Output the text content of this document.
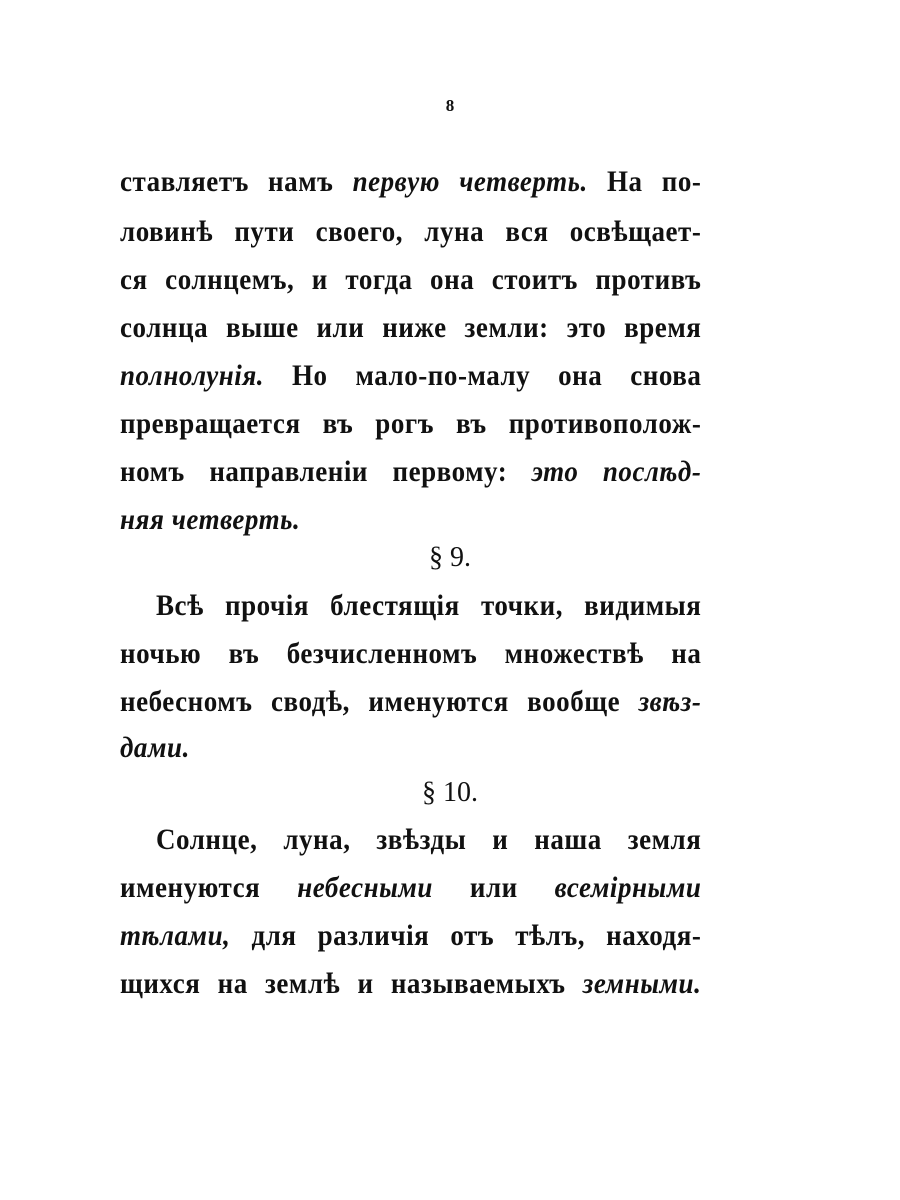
8
ставляетъ намъ первую четверть. На по-
ловинѣ пути своего, луна вся освѣщает-
ся солнцемъ, и тогда она стоитъ противъ
солнца выше или ниже земли: это время
полнолунія. Но мало-по-малу она снова
превращается въ рогъ въ противополож-
номъ направленіи первому: это послѣд-
няя четверть.
§ 9.
Всѣ прочія блестящія точки, видимыя
ночью въ безчисленномъ множествѣ на
небесномъ сводѣ, именуются вообще звѣз-
дами.
§ 10.
Солнце, луна, звѣзды и наша земля
именуются небесными или всемірными
тѣлами, для различія отъ тѣлъ, находя-
щихся на землѣ и называемыхъ земными.
